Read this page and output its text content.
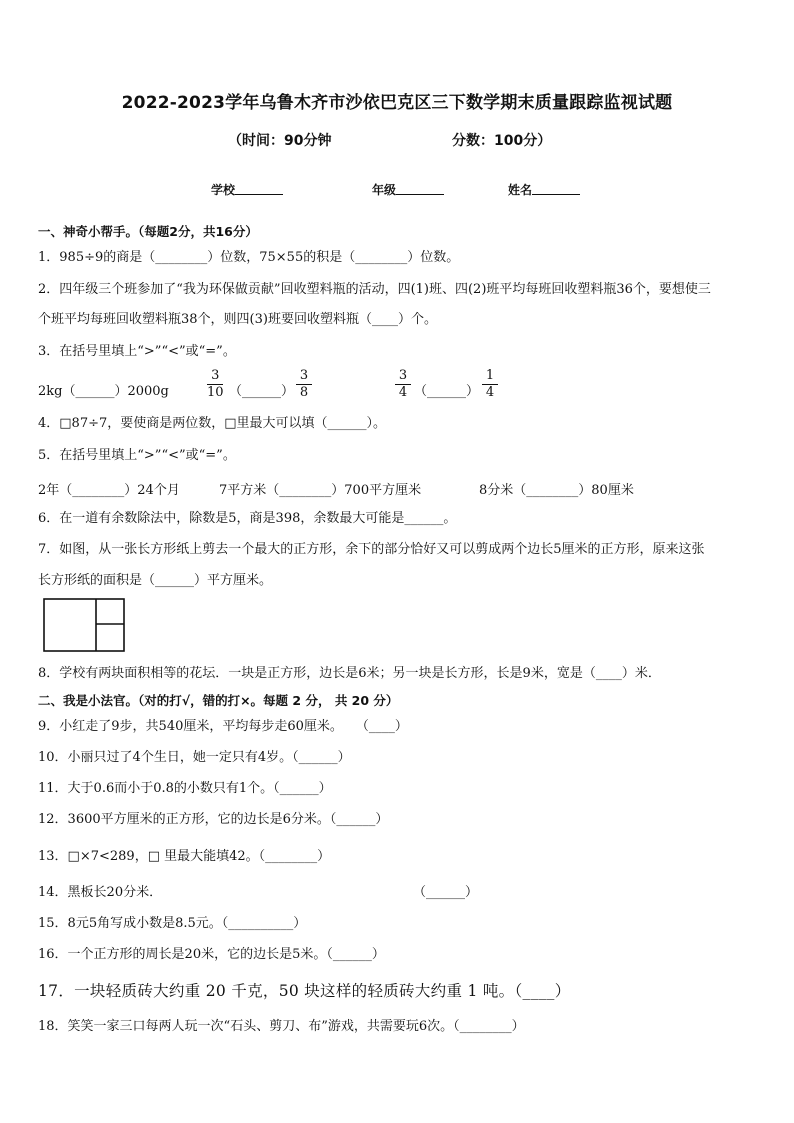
2022-2023学年乌鲁木齐市沙依巴克区三下数学期末质量跟踪监视试题
（时间：90分钟	分数：100分）
学校	年级	姓名
一、神奇小帮手。（每题2分，共16分）
1．985÷9的商是（________）位数，75×55的积是（________）位数。
2．四年级三个班参加了“我为环保做贡献”回收塑料瓶的活动，四(1)班、四(2)班平均每班回收塑料瓶36个，要想使三
个班平均每班回收塑料瓶38个，则四(3)班要回收塑料瓶（____）个。
3．在括号里填上“>”“<”或“=”。
2kg（______）2000g
3
10 （______）
3
8
3
4 （______）
1
4
4．□87÷7，要使商是两位数，□里最大可以填（______）。
5．在括号里填上“>”“<”或“=”。
2年（________）24个月	7平方米（________）700平方厘米	8分米（________）80厘米
6．在一道有余数除法中，除数是5，商是398，余数最大可能是______。
7．如图，从一张长方形纸上剪去一个最大的正方形，余下的部分恰好又可以剪成两个边长5厘米的正方形，原来这张
长方形纸的面积是（______）平方厘米。
8．学校有两块面积相等的花坛．一块是正方形，边长是6米；另一块是长方形，长是9米，宽是（____）米．
二、我是小法官。（对的打√，错的打×。每题 2 分， 共 20 分）
9．小红走了9步，共540厘米，平均每步走60厘米。　　（____）
10．小丽只过了4个生日，她一定只有4岁。（______）
11．大于0.6而小于0.8的小数只有1个。（______）
12．3600平方厘米的正方形，它的边长是6分米。（______）
13．□×7<289，□ 里最大能填42。（________）
14．黑板长20分米．	（______）
15．8元5角写成小数是8.5元。（__________）
16．一个正方形的周长是20米，它的边长是5米。（______）
17．一块轻质砖大约重 20 千克，50 块这样的轻质砖大约重 1 吨。（____）
18．笑笑一家三口每两人玩一次“石头、剪刀、布”游戏，共需要玩6次。（________）
